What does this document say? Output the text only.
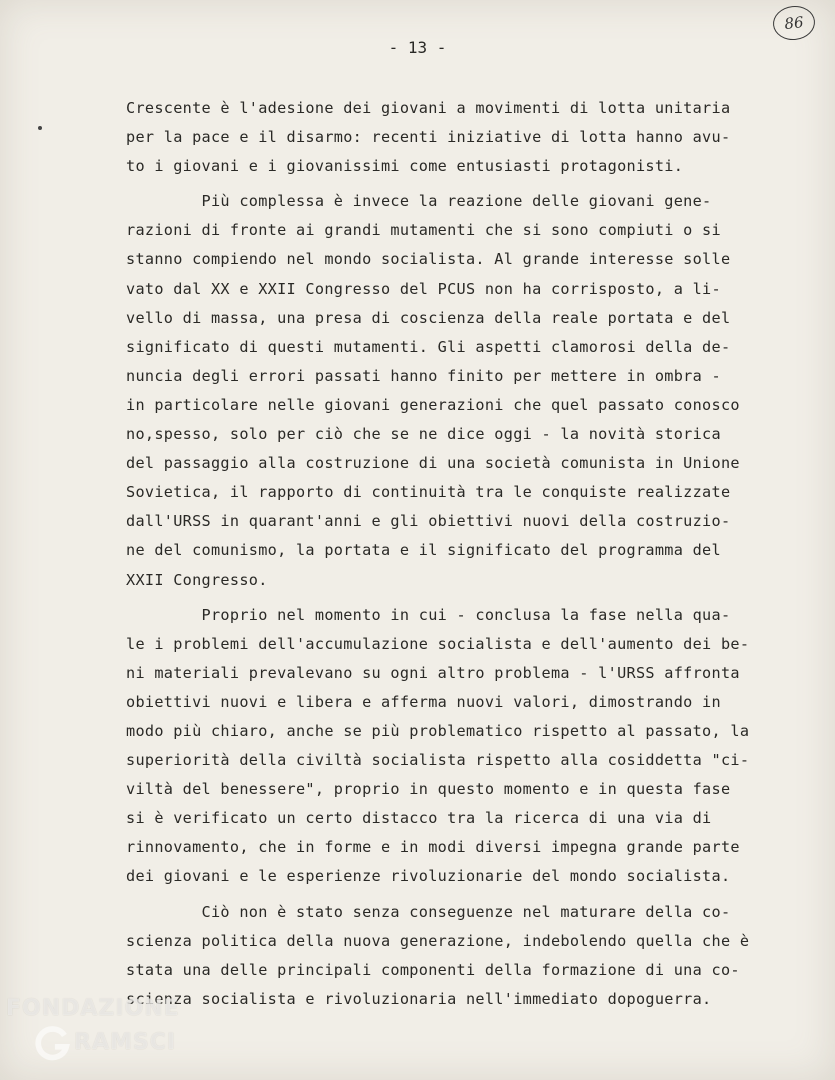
86
- 13 -
Crescente è l'adesione dei giovani a movimenti di lotta unitaria
per la pace e il disarmo: recenti iniziative di lotta hanno avu-
to i giovani e i giovanissimi come entusiasti protagonisti.
Più complessa è invece la reazione delle giovani gene-
razioni di fronte ai grandi mutamenti che si sono compiuti o si
stanno compiendo nel mondo socialista. Al grande interesse solle
vato dal XX e XXII Congresso del PCUS non ha corrisposto, a li-
vello di massa, una presa di coscienza della reale portata e del
significato di questi mutamenti. Gli aspetti clamorosi della de-
nuncia degli errori passati hanno finito per mettere in ombra -
in particolare nelle giovani generazioni che quel passato conosco
no,spesso, solo per ciò che se ne dice oggi - la novità storica
del passaggio alla costruzione di una società comunista in Unione
Sovietica, il rapporto di continuità tra le conquiste realizzate
dall'URSS in quarant'anni e gli obiettivi nuovi della costruzio-
ne del comunismo, la portata e il significato del programma del
XXII Congresso.
Proprio nel momento in cui - conclusa la fase nella qua-
le i problemi dell'accumulazione socialista e dell'aumento dei be-
ni materiali prevalevano su ogni altro problema - l'URSS affronta
obiettivi nuovi e libera e afferma nuovi valori, dimostrando in
modo più chiaro, anche se più problematico rispetto al passato, la
superiorità della civiltà socialista rispetto alla cosiddetta "ci-
viltà del benessere", proprio in questo momento e in questa fase
si è verificato un certo distacco tra la ricerca di una via di
rinnovamento, che in forme e in modi diversi impegna grande parte
dei giovani e le esperienze rivoluzionarie del mondo socialista.
Ciò non è stato senza conseguenze nel maturare della co-
scienza politica della nuova generazione, indebolendo quella che è
stata una delle principali componenti della formazione di una co-
scienza socialista e rivoluzionaria nell'immediato dopoguerra.
FONDAZIONE
RAMSCI
